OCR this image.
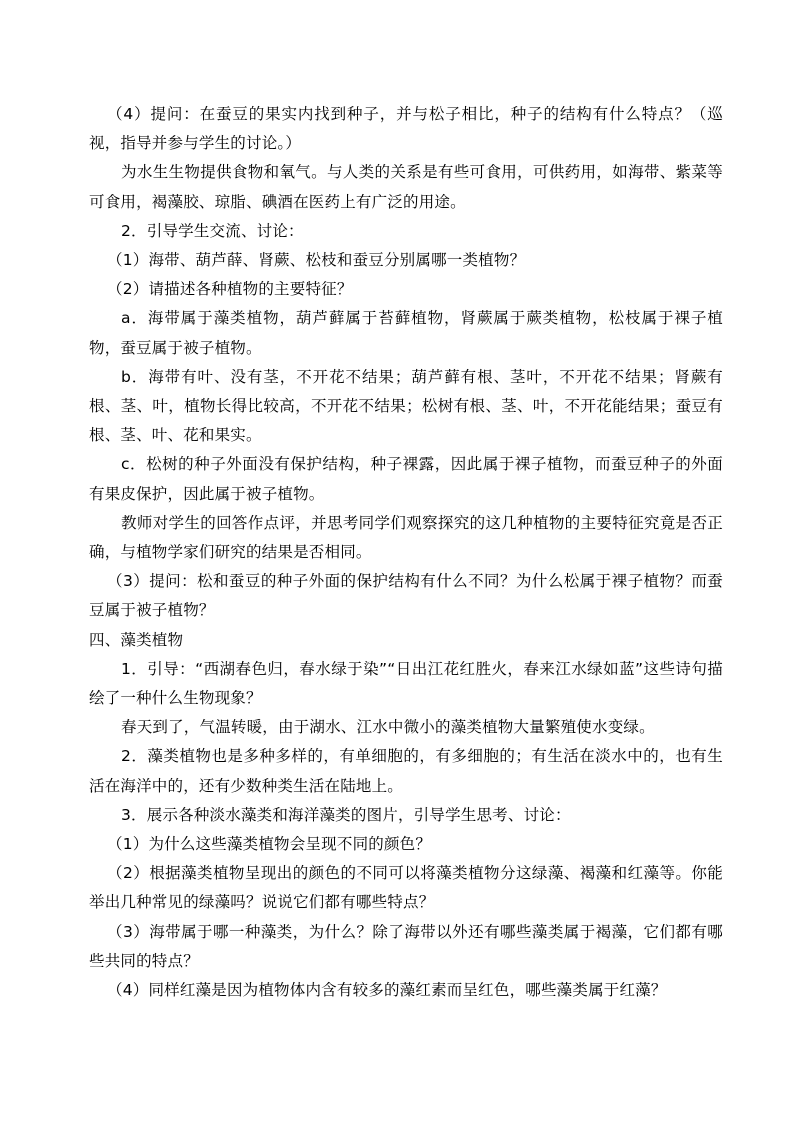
（4）提问：在蚕豆的果实内找到种子，并与松子相比，种子的结构有什么特点？（巡视，指导并参与学生的讨论。）

为水生生物提供食物和氧气。与人类的关系是有些可食用，可供药用，如海带、紫菜等可食用，褐藻胶、琼脂、碘酒在医药上有广泛的用途。

2．引导学生交流、讨论：

（1）海带、葫芦薛、肾蕨、松枝和蚕豆分别属哪一类植物？

（2）请描述各种植物的主要特征？

a．海带属于藻类植物，葫芦藓属于苔藓植物，肾蕨属于蕨类植物，松枝属于裸子植物，蚕豆属于被子植物。

b．海带有叶、没有茎，不开花不结果；葫芦藓有根、茎叶，不开花不结果；肾蕨有根、茎、叶，植物长得比较高，不开花不结果；松树有根、茎、叶，不开花能结果；蚕豆有根、茎、叶、花和果实。

c．松树的种子外面没有保护结构，种子裸露，因此属于裸子植物，而蚕豆种子的外面有果皮保护，因此属于被子植物。

教师对学生的回答作点评，并思考同学们观察探究的这几种植物的主要特征究竟是否正确，与植物学家们研究的结果是否相同。

（3）提问：松和蚕豆的种子外面的保护结构有什么不同？为什么松属于裸子植物？而蚕豆属于被子植物？

四、藻类植物

1．引导：“西湖春色归，春水绿于染”“日出江花红胜火，春来江水绿如蓝”这些诗句描绘了一种什么生物现象？

春天到了，气温转暖，由于湖水、江水中微小的藻类植物大量繁殖使水变绿。

2．藻类植物也是多种多样的，有单细胞的，有多细胞的；有生活在淡水中的，也有生活在海洋中的，还有少数种类生活在陆地上。

3．展示各种淡水藻类和海洋藻类的图片，引导学生思考、讨论：

（1）为什么这些藻类植物会呈现不同的颜色？

（2）根据藻类植物呈现出的颜色的不同可以将藻类植物分这绿藻、褐藻和红藻等。你能举出几种常见的绿藻吗？说说它们都有哪些特点？

（3）海带属于哪一种藻类，为什么？除了海带以外还有哪些藻类属于褐藻，它们都有哪些共同的特点？

（4）同样红藻是因为植物体内含有较多的藻红素而呈红色，哪些藻类属于红藻？
